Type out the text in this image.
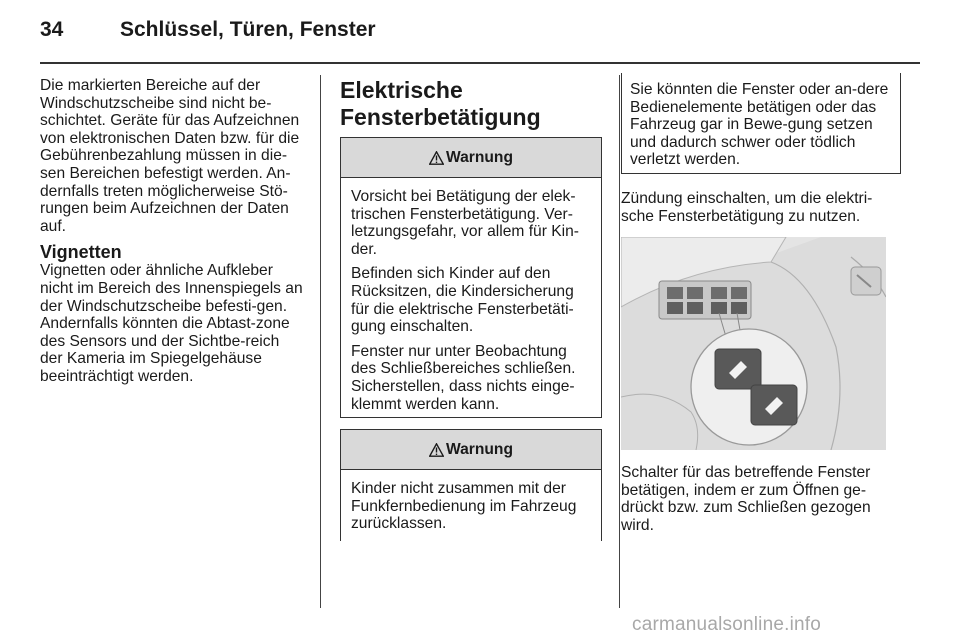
34	Schlüssel, Türen, Fenster

Die markierten Bereiche auf der Windschutzscheibe sind nicht be-schichtet. Geräte für das Aufzeichnen von elektronischen Daten bzw. für die Gebührenbezahlung müssen in die-sen Bereichen befestigt werden. An-dernfalls treten möglicherweise Stö-rungen beim Aufzeichnen der Daten auf.

Vignetten

Vignetten oder ähnliche Aufkleber nicht im Bereich des Innenspiegels an der Windschutzscheibe befesti-gen. Andernfalls könnten die Abtast-zone des Sensors und der Sichtbe-reich der Kameria im Spiegelgehäuse beeinträchtigt werden.

Elektrische Fensterbetätigung
Warnung

Vorsicht bei Betätigung der elek-trischen Fensterbetätigung. Ver-letzungsgefahr, vor allem für Kin-der.

Befinden sich Kinder auf den Rücksitzen, die Kindersicherung für die elektrische Fensterbetäti-gung einschalten.

Fenster nur unter Beobachtung des Schließbereiches schließen. Sicherstellen, dass nichts einge-klemmt werden kann.

Warnung

Kinder nicht zusammen mit der Funkfernbedienung im Fahrzeug zurücklassen.

Sie könnten die Fenster oder an-dere Bedienelemente betätigen oder das Fahrzeug gar in Bewe-gung setzen und dadurch schwer oder tödlich verletzt werden.

Zündung einschalten, um die elektri-sche Fensterbetätigung zu nutzen.

Schalter für das betreffende Fenster betätigen, indem er zum Öffnen ge-drückt bzw. zum Schließen gezogen wird.

carmanualsonline.info
